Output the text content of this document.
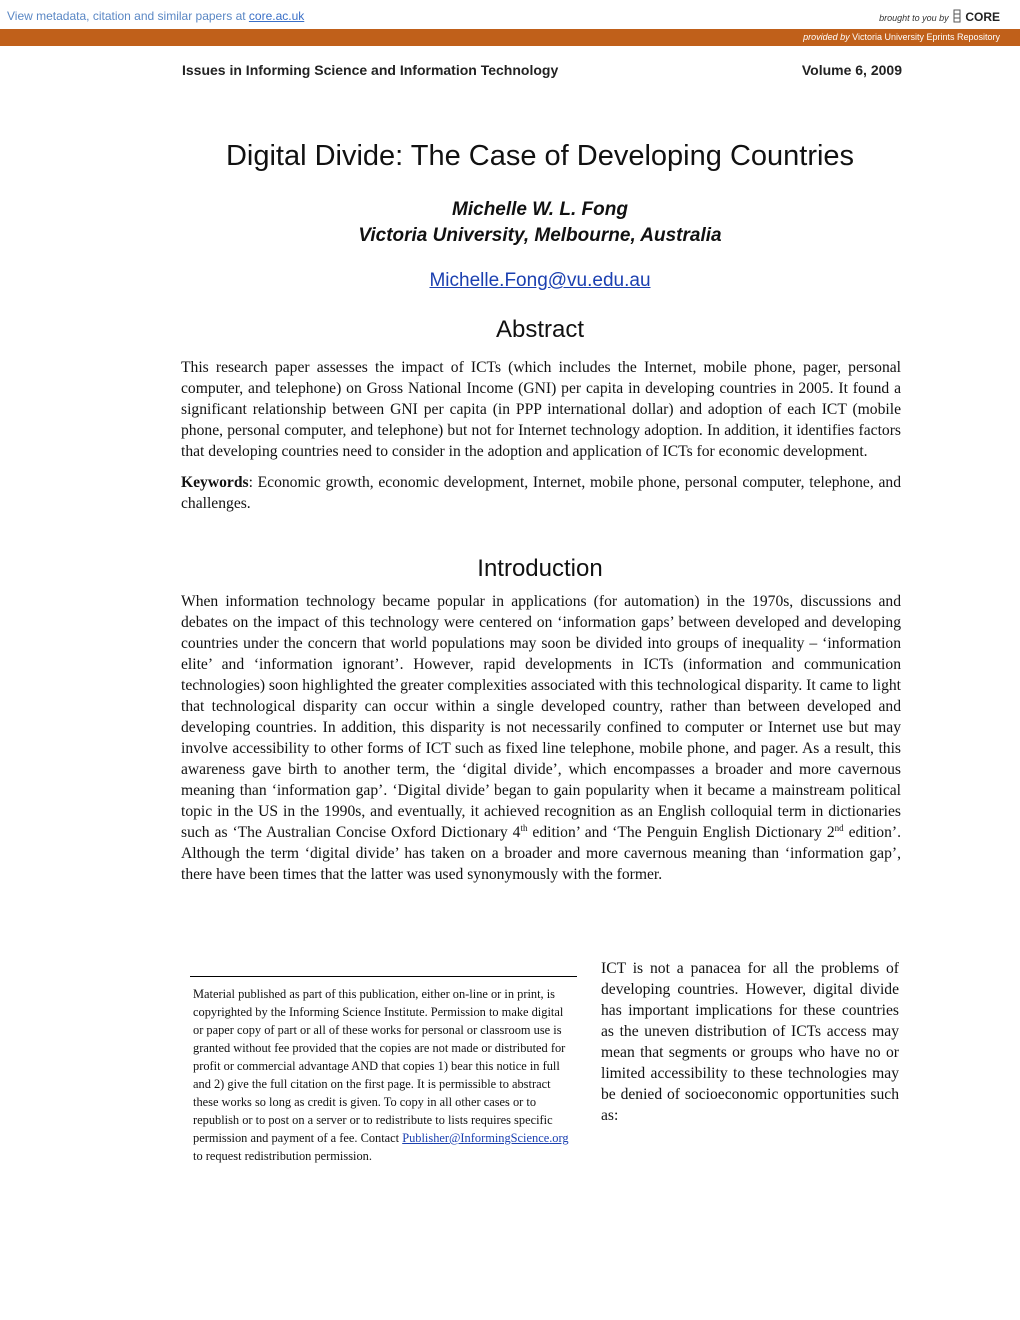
View metadata, citation and similar papers at core.ac.uk	brought to you by CORE
provided by Victoria University Eprints Repository
Issues in Informing Science and Information Technology	Volume 6, 2009
Digital Divide: The Case of Developing Countries
Michelle W. L. Fong
Victoria University, Melbourne, Australia
Michelle.Fong@vu.edu.au
Abstract

This research paper assesses the impact of ICTs (which includes the Internet, mobile phone, pager, personal computer, and telephone) on Gross National Income (GNI) per capita in developing countries in 2005. It found a significant relationship between GNI per capita (in PPP international dollar) and adoption of each ICT (mobile phone, personal computer, and telephone) but not for Internet technology adoption. In addition, it identifies factors that developing countries need to consider in the adoption and application of ICTs for economic development.

Keywords: Economic growth, economic development, Internet, mobile phone, personal computer, telephone, and challenges.

Introduction

When information technology became popular in applications (for automation) in the 1970s, discussions and debates on the impact of this technology were centered on ‘information gaps’ between developed and developing countries under the concern that world populations may soon be divided into groups of inequality – ‘information elite’ and ‘information ignorant’. However, rapid developments in ICTs (information and communication technologies) soon highlighted the greater complexities associated with this technological disparity. It came to light that technological disparity can occur within a single developed country, rather than between developed and developing countries. In addition, this disparity is not necessarily confined to computer or Internet use but may involve accessibility to other forms of ICT such as fixed line telephone, mobile phone, and pager. As a result, this awareness gave birth to another term, the ‘digital divide’, which encompasses a broader and more cavernous meaning than ‘information gap’. ‘Digital divide’ began to gain popularity when it became a mainstream political topic in the US in the 1990s, and eventually, it achieved recognition as an English colloquial term in dictionaries such as ‘The Australian Concise Oxford Dictionary 4th edition’ and ‘The Penguin English Dictionary 2nd edition’. Although the term ‘digital divide’ has taken on a broader and more cavernous meaning than ‘information gap’, there have been times that the latter was used synonymously with the former.

Material published as part of this publication, either on-line or in print, is copyrighted by the Informing Science Institute. Permission to make digital or paper copy of part or all of these works for personal or classroom use is granted without fee provided that the copies are not made or distributed for profit or commercial advantage AND that copies 1) bear this notice in full and 2) give the full citation on the first page. It is permissible to abstract these works so long as credit is given. To copy in all other cases or to republish or to post on a server or to redistribute to lists requires specific permission and payment of a fee. Contact Publisher@InformingScience.org to request redistribution permission.
ICT is not a panacea for all the problems of developing countries. However, digital divide has important implications for these countries as the uneven distribution of ICTs access may mean that segments or groups who have no or limited accessibility to these technologies may be denied of socioeconomic opportunities such as:
